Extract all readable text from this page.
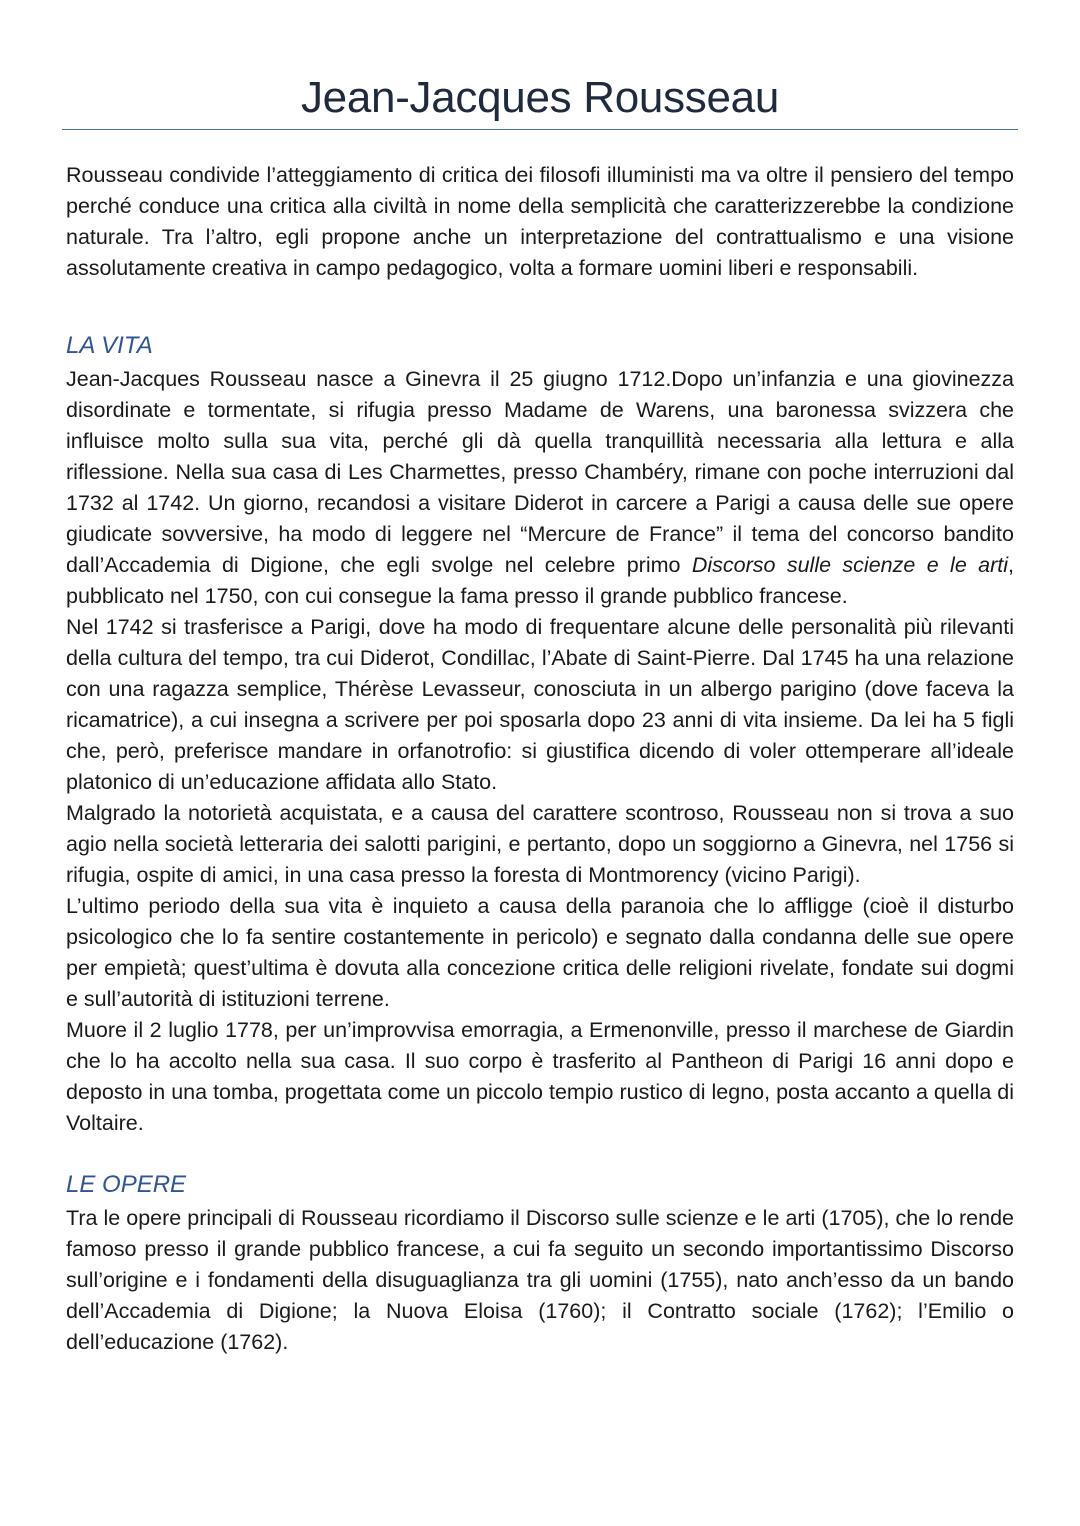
Jean-Jacques Rousseau

Rousseau condivide l’atteggiamento di critica dei filosofi illuministi ma va oltre il pensiero del tempo perché conduce una critica alla civiltà in nome della semplicità che caratterizzerebbe la condizione naturale. Tra l’altro, egli propone anche un interpretazione del contrattualismo e una visione assolutamente creativa in campo pedagogico, volta a formare uomini liberi e responsabili.

LA VITA

Jean-Jacques Rousseau nasce a Ginevra il 25 giugno 1712.Dopo un’infanzia e una giovinezza disordinate e tormentate, si rifugia presso Madame de Warens, una baronessa svizzera che influisce molto sulla sua vita, perché gli dà quella tranquillità necessaria alla lettura e alla riflessione. Nella sua casa di Les Charmettes, presso Chambéry, rimane con poche interruzioni dal 1732 al 1742. Un giorno, recandosi a visitare Diderot in carcere a Parigi a causa delle sue opere giudicate sovversive, ha modo di leggere nel “Mercure de France” il tema del concorso bandito dall’Accademia di Digione, che egli svolge nel celebre primo Discorso sulle scienze e le arti, pubblicato nel 1750, con cui consegue la fama presso il grande pubblico francese.

Nel 1742 si trasferisce a Parigi, dove ha modo di frequentare alcune delle personalità più rilevanti della cultura del tempo, tra cui Diderot, Condillac, l’Abate di Saint-Pierre. Dal 1745 ha una relazione con una ragazza semplice, Thérèse Levasseur, conosciuta in un albergo parigino (dove faceva la ricamatrice), a cui insegna a scrivere per poi sposarla dopo 23 anni di vita insieme. Da lei ha 5 figli che, però, preferisce mandare in orfanotrofio: si giustifica dicendo di voler ottemperare all’ideale platonico di un’educazione affidata allo Stato.

Malgrado la notorietà acquistata, e a causa del carattere scontroso, Rousseau non si trova a suo agio nella società letteraria dei salotti parigini, e pertanto, dopo un soggiorno a Ginevra, nel 1756 si rifugia, ospite di amici, in una casa presso la foresta di Montmorency (vicino Parigi).

L’ultimo periodo della sua vita è inquieto a causa della paranoia che lo affligge (cioè il disturbo psicologico che lo fa sentire costantemente in pericolo) e segnato dalla condanna delle sue opere per empietà; quest’ultima è dovuta alla concezione critica delle religioni rivelate, fondate sui dogmi e sull’autorità di istituzioni terrene.

Muore il 2 luglio 1778, per un’improvvisa emorragia, a Ermenonville, presso il marchese de Giardin che lo ha accolto nella sua casa. Il suo corpo è trasferito al Pantheon di Parigi 16 anni dopo e deposto in una tomba, progettata come un piccolo tempio rustico di legno, posta accanto a quella di Voltaire.

LE OPERE

Tra le opere principali di Rousseau ricordiamo il Discorso sulle scienze e le arti (1705), che lo rende famoso presso il grande pubblico francese, a cui fa seguito un secondo importantissimo Discorso sull’origine e i fondamenti della disuguaglianza tra gli uomini (1755), nato anch’esso da un bando dell’Accademia di Digione; la Nuova Eloisa (1760); il Contratto sociale (1762); l’Emilio o dell’educazione (1762).
